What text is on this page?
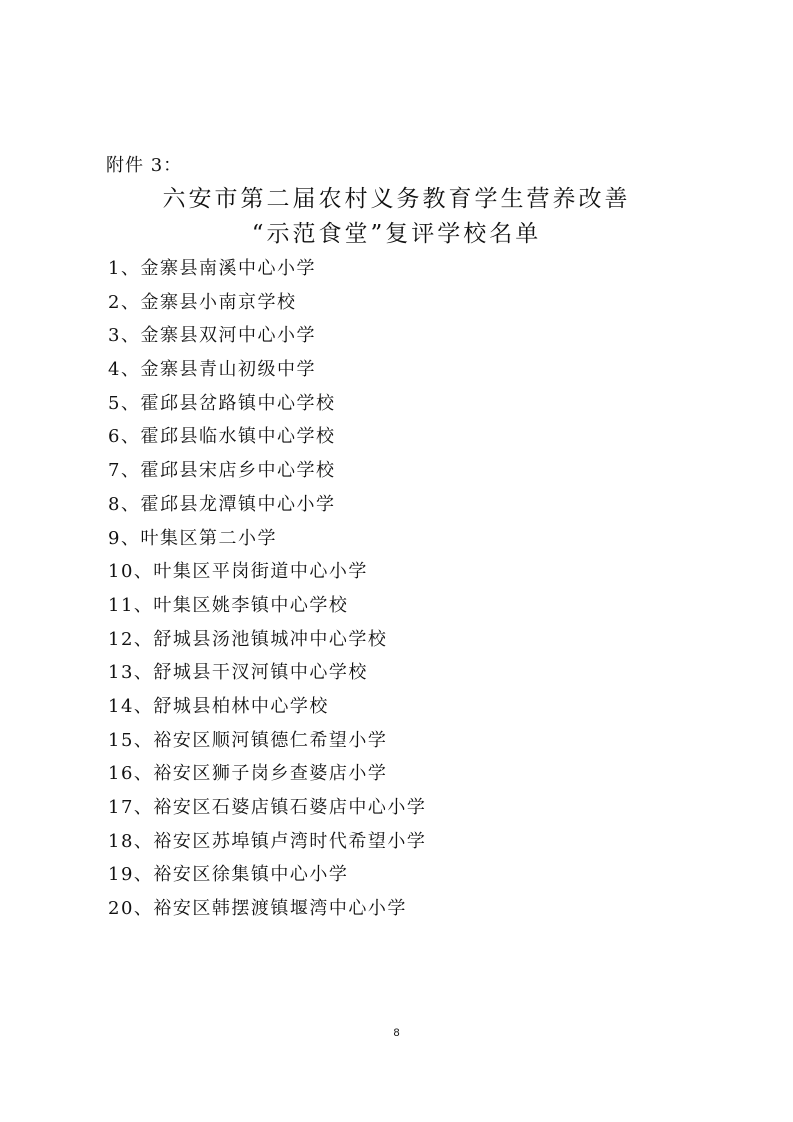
附件 3：
六安市第二届农村义务教育学生营养改善
“示范食堂”复评学校名单
1、金寨县南溪中心小学
2、金寨县小南京学校
3、金寨县双河中心小学
4、金寨县青山初级中学
5、霍邱县岔路镇中心学校
6、霍邱县临水镇中心学校
7、霍邱县宋店乡中心学校
8、霍邱县龙潭镇中心小学
9、叶集区第二小学
10、叶集区平岗街道中心小学
11、叶集区姚李镇中心学校
12、舒城县汤池镇城冲中心学校
13、舒城县干汊河镇中心学校
14、舒城县柏林中心学校
15、裕安区顺河镇德仁希望小学
16、裕安区狮子岗乡查婆店小学
17、裕安区石婆店镇石婆店中心小学
18、裕安区苏埠镇卢湾时代希望小学
19、裕安区徐集镇中心小学
20、裕安区韩摆渡镇堰湾中心小学
8
